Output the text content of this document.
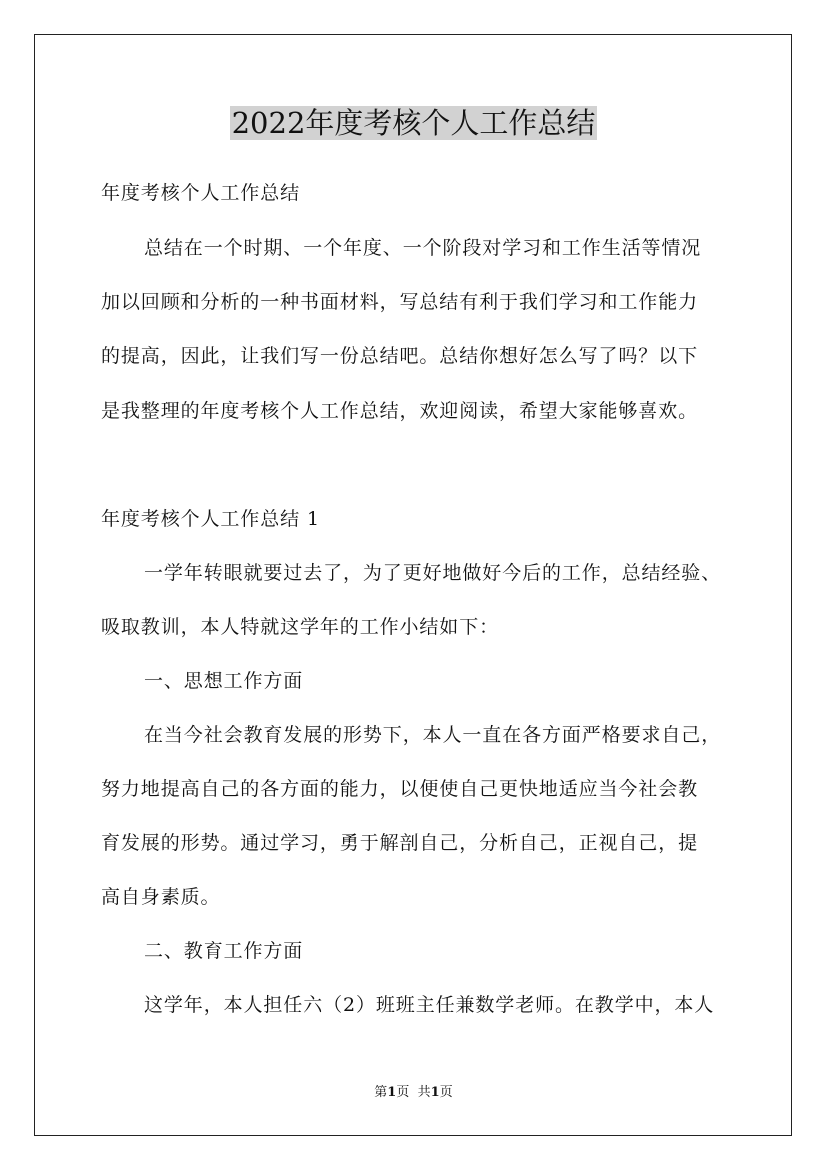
2022年度考核个人工作总结
年度考核个人工作总结
总结在一个时期、一个年度、一个阶段对学习和工作生活等情况
加以回顾和分析的一种书面材料，写总结有利于我们学习和工作能力
的提高，因此，让我们写一份总结吧。总结你想好怎么写了吗？以下
是我整理的年度考核个人工作总结，欢迎阅读，希望大家能够喜欢。
年度考核个人工作总结 1
一学年转眼就要过去了，为了更好地做好今后的工作，总结经验、
吸取教训，本人特就这学年的工作小结如下：
一、思想工作方面
在当今社会教育发展的形势下，本人一直在各方面严格要求自己，
努力地提高自己的各方面的能力，以便使自己更快地适应当今社会教
育发展的形势。通过学习，勇于解剖自己，分析自己，正视自己，提
高自身素质。
二、教育工作方面
这学年，本人担任六（2）班班主任兼数学老师。在教学中，本人
第1页 共1页
